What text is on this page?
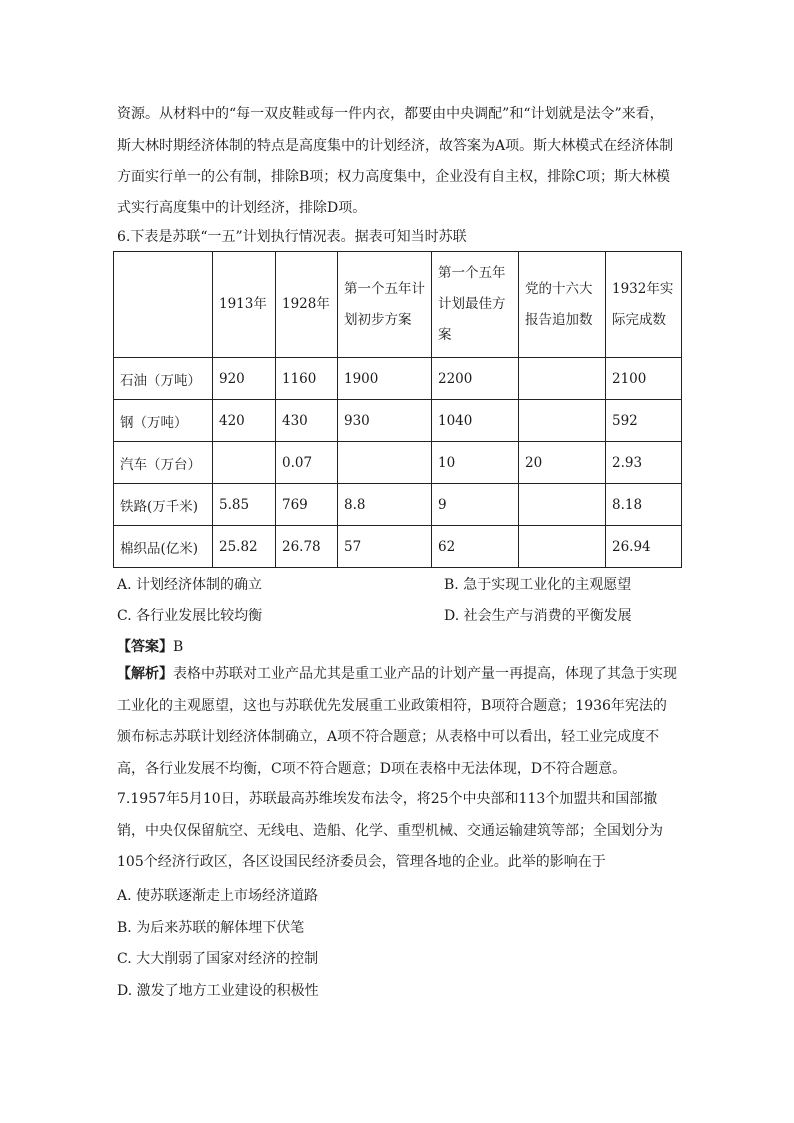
资源。从材料中的“每一双皮鞋或每一件内衣，都要由中央调配”和“计划就是法令”来看，
斯大林时期经济体制的特点是高度集中的计划经济，故答案为A项。斯大林模式在经济体制
方面实行单一的公有制，排除B项；权力高度集中，企业没有自主权，排除C项；斯大林模
式实行高度集中的计划经济，排除D项。
6.下表是苏联“一五”计划执行情况表。据表可知当时苏联
	1913年	1928年	第一个五年计划初步方案	第一个五年计划最佳方案	党的十六大报告追加数	1932年实际完成数
石油（万吨）	920	1160	1900	2200		2100
钢（万吨）	420	430	930	1040		592
汽车（万台）		0.07		10	20	2.93
铁路(万千米)	5.85	769	8.8	9		8.18
棉织品(亿米)	25.82	26.78	57	62		26.94
A. 计划经济体制的确立	B. 急于实现工业化的主观愿望
C. 各行业发展比较均衡	D. 社会生产与消费的平衡发展
【答案】B

【解析】表格中苏联对工业产品尤其是重工业产品的计划产量一再提高，体现了其急于实现工业化的主观愿望，这也与苏联优先发展重工业政策相符，B项符合题意；1936年宪法的颁布标志苏联计划经济体制确立，A项不符合题意；从表格中可以看出，轻工业完成度不高，各行业发展不均衡，C项不符合题意；D项在表格中无法体现，D不符合题意。

7.1957年5月10日，苏联最高苏维埃发布法令，将25个中央部和113个加盟共和国部撤销，中央仅保留航空、无线电、造船、化学、重型机械、交通运输建筑等部；全国划分为105个经济行政区，各区设国民经济委员会，管理各地的企业。此举的影响在于

A. 使苏联逐渐走上市场经济道路
B. 为后来苏联的解体埋下伏笔
C. 大大削弱了国家对经济的控制
D. 激发了地方工业建设的积极性
